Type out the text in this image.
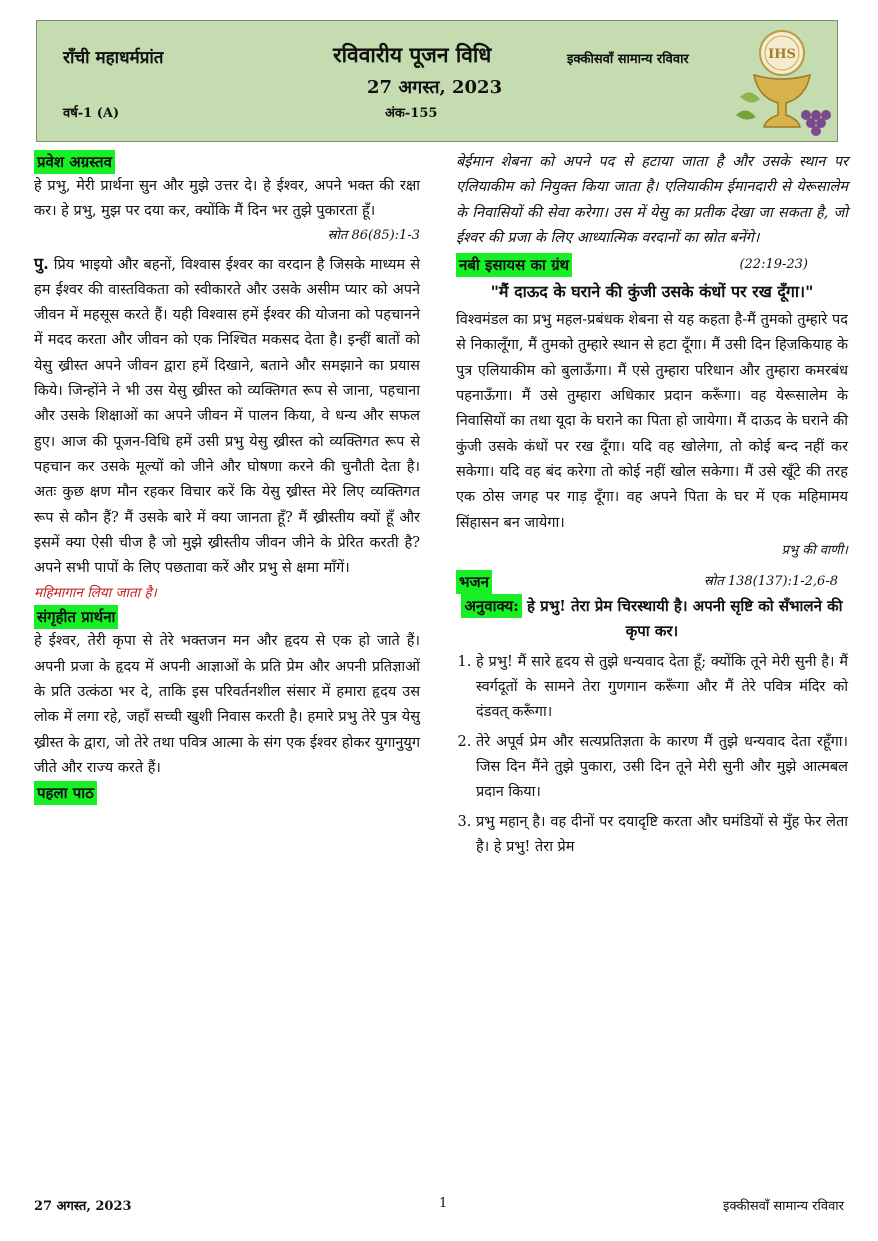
राँची महाधर्मप्रांत
वर्ष-1 (A)
रविवारीय पूजन विधि
27 अगस्त, 2023
अंक-155
इक्कीसवाँ सामान्य रविवार	IHS
प्रवेश अग्रस्तव

हे प्रभु, मेरी प्रार्थना सुन और मुझे उत्तर दे। हे ईश्वर, अपने भक्त की रक्षा कर। हे प्रभु, मुझ पर दया कर, क्योंकि मैं दिन भर तुझे पुकारता हूँ।

स्रोत 86(85):1-3

पु. प्रिय भाइयो और बहनों, विश्वास ईश्वर का वरदान है जिसके माध्यम से हम ईश्वर की वास्तविकता को स्वीकारते और उसके असीम प्यार को अपने जीवन में महसूस करते हैं। यही विश्वास हमें ईश्वर की योजना को पहचानने में मदद करता और जीवन को एक निश्चित मकसद देता है। इन्हीं बातों को येसु ख्रीस्त अपने जीवन द्वारा हमें दिखाने, बताने और समझाने का प्रयास किये। जिन्होंने ने भी उस येसु ख्रीस्त को व्यक्तिगत रूप से जाना, पहचाना और उसके शिक्षाओं का अपने जीवन में पालन किया, वे धन्य और सफल हुए। आज की पूजन-विधि हमें उसी प्रभु येसु ख्रीस्त को व्यक्तिगत रूप से पहचान कर उसके मूल्यों को जीने और घोषणा करने की चुनौती देता है। अतः कुछ क्षण मौन रहकर विचार करें कि येसु ख्रीस्त मेरे लिए व्यक्तिगत रूप से कौन हैं? मैं उसके बारे में क्या जानता हूँ? मैं ख्रीस्तीय क्यों हूँ और इसमें क्या ऐसी चीज है जो मुझे ख्रीस्तीय जीवन जीने के प्रेरित करती है? अपने सभी पापों के लिए पछतावा करें और प्रभु से क्षमा माँगें।

महिमागान लिया जाता है।
संगृहीत प्रार्थना

हे ईश्वर, तेरी कृपा से तेरे भक्तजन मन और हृदय से एक हो जाते हैं। अपनी प्रजा के हृदय में अपनी आज्ञाओं के प्रति प्रेम और अपनी प्रतिज्ञाओं के प्रति उत्कंठा भर दे, ताकि इस परिवर्तनशील संसार में हमारा हृदय उस लोक में लगा रहे, जहाँ सच्ची खुशी निवास करती है। हमारे प्रभु तेरे पुत्र येसु ख्रीस्त के द्वारा, जो तेरे तथा पवित्र आत्मा के संग एक ईश्वर होकर युगानुयुग जीते और राज्य करते हैं।

पहला पाठ

बेईमान शेबना को अपने पद से हटाया जाता है और उसके स्थान पर एलियाकीम को नियुक्त किया जाता है। एलियाकीम ईमानदारी से येरूसालेम के निवासियों की सेवा करेगा। उस में येसु का प्रतीक देखा जा सकता है, जो ईश्वर की प्रजा के लिए आध्यात्मिक वरदानों का स्रोत बनेंगे।

नबी इसायस का ग्रंथ	(22:19-23)
"मैं दाऊद के घराने की कुंजी उसके कंधों पर रख दूँगा।"

विश्वमंडल का प्रभु महल-प्रबंधक शेबना से यह कहता है-मैं तुमको तुम्हारे पद से निकालूँगा, मैं तुमको तुम्हारे स्थान से हटा दूँगा। मैं उसी दिन हिजकियाह के पुत्र एलियाकीम को बुलाऊँगा। मैं एसे तुम्हारा परिधान और तुम्हारा कमरबंध पहनाऊँगा। मैं उसे तुम्हारा अधिकार प्रदान करूँगा। वह येरूसालेम के निवासियों का तथा यूदा के घराने का पिता हो जायेगा। मैं दाऊद के घराने की कुंजी उसके कंधों पर रख दूँगा। यदि वह खोलेगा, तो कोई बन्द नहीं कर सकेगा। यदि वह बंद करेगा तो कोई नहीं खोल सकेगा। मैं उसे खूँटे की तरह एक ठोस जगह पर गाड़ दूँगा। वह अपने पिता के घर में एक महिमामय सिंहासन बन जायेगा।

प्रभु की वाणी।
भजन	स्रोत 138(137):1-2,6-8
अनुवाक्य: हे प्रभु! तेरा प्रेम चिरस्थायी है। अपनी सृष्टि को सँभालने की कृपा कर।
1. हे प्रभु! मैं सारे हृदय से तुझे धन्यवाद देता हूँ; क्योंकि तूने मेरी सुनी है। मैं स्वर्गदूतों के सामने तेरा गुणगान करूँगा और मैं तेरे पवित्र मंदिर को दंडवत् करूँगा।
2. तेरे अपूर्व प्रेम और सत्यप्रतिज्ञता के कारण मैं तुझे धन्यवाद देता रहूँगा। जिस दिन मैंने तुझे पुकारा, उसी दिन तूने मेरी सुनी और मुझे आत्मबल प्रदान किया।
3. प्रभु महान् है। वह दीनों पर दयादृष्टि करता और घमंडियों से मुँह फेर लेता है। हे प्रभु! तेरा प्रेम
27 अगस्त, 2023	1	इक्कीसवाँ सामान्य रविवार
